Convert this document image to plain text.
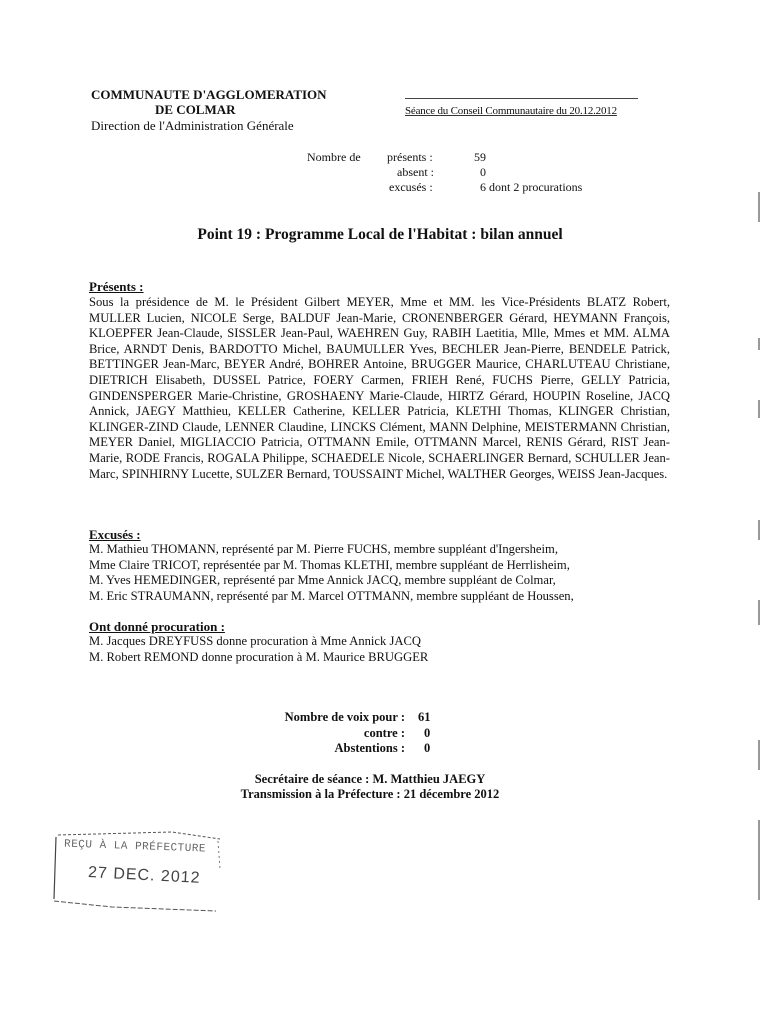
COMMUNAUTE D'AGGLOMERATION
DE COLMAR
Direction de l'Administration Générale
Séance du Conseil Communautaire du 20.12.2012
Nombre de présents :	59
absent :	0
excusés :	6 dont 2 procurations
Point 19 : Programme Local de l'Habitat : bilan annuel
Présents :
Sous la présidence de M. le Président Gilbert MEYER, Mme et MM. les Vice-Présidents BLATZ Robert, MULLER Lucien, NICOLE Serge, BALDUF Jean-Marie, CRONENBERGER Gérard, HEYMANN François, KLOEPFER Jean-Claude, SISSLER Jean-Paul, WAEHREN Guy, RABIH Laetitia, Mlle, Mmes et MM. ALMA Brice, ARNDT Denis, BARDOTTO Michel, BAUMULLER Yves, BECHLER Jean-Pierre, BENDELE Patrick, BETTINGER Jean-Marc, BEYER André, BOHRER Antoine, BRUGGER Maurice, CHARLUTEAU Christiane, DIETRICH Elisabeth, DUSSEL Patrice, FOERY Carmen, FRIEH René, FUCHS Pierre, GELLY Patricia, GINDENSPERGER Marie-Christine, GROSHAENY Marie-Claude, HIRTZ Gérard, HOUPIN Roseline, JACQ Annick, JAEGY Matthieu, KELLER Catherine, KELLER Patricia, KLETHI Thomas, KLINGER Christian, KLINGER-ZIND Claude, LENNER Claudine, LINCKS Clément, MANN Delphine, MEISTERMANN Christian, MEYER Daniel, MIGLIACCIO Patricia, OTTMANN Emile, OTTMANN Marcel, RENIS Gérard, RIST Jean-Marie, RODE Francis, ROGALA Philippe, SCHAEDELE Nicole, SCHAERLINGER Bernard, SCHULLER Jean-Marc, SPINHIRNY Lucette, SULZER Bernard, TOUSSAINT Michel, WALTHER Georges, WEISS Jean-Jacques.
Excusés :
M. Mathieu THOMANN, représenté par M. Pierre FUCHS, membre suppléant d'Ingersheim,
Mme Claire TRICOT, représentée par M. Thomas KLETHI, membre suppléant de Herrlisheim,
M. Yves HEMEDINGER, représenté par Mme Annick JACQ, membre suppléant de Colmar,
M. Eric STRAUMANN, représenté par M. Marcel OTTMANN, membre suppléant de Houssen,
Ont donné procuration :
M. Jacques DREYFUSS donne procuration à Mme Annick JACQ
M. Robert REMOND donne procuration à M. Maurice BRUGGER
Nombre de voix pour : 61
contre : 0
Abstentions : 0
Secrétaire de séance : M. Matthieu JAEGY
Transmission à la Préfecture : 21 décembre 2012
REÇU À LA PRÉFECTURE
27 DEC. 2012
